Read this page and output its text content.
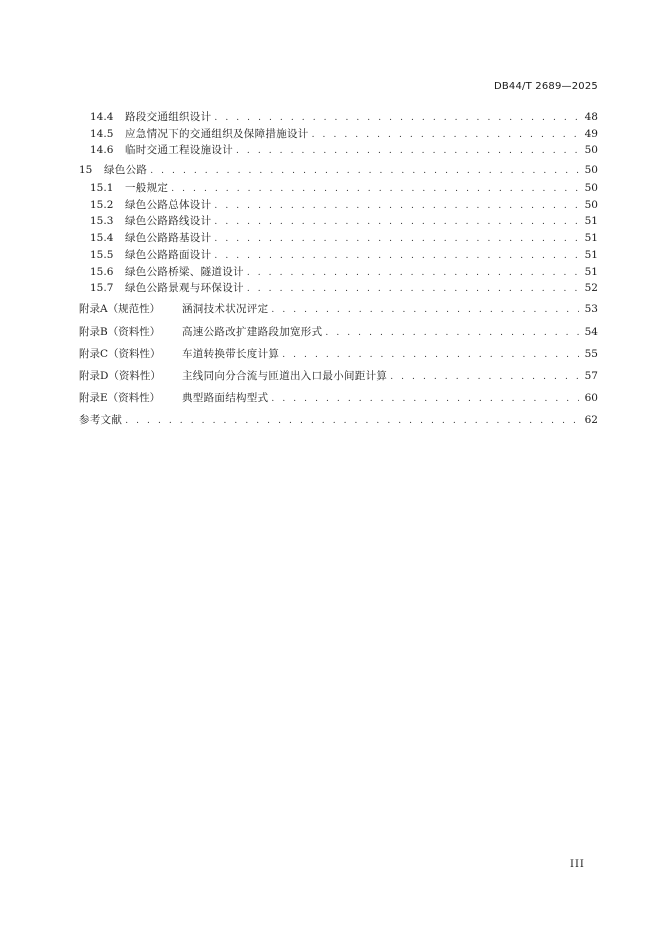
DB44/T 2689—2025
14.4	路段交通组织设计 . . .	48
14.5	应急情况下的交通组织及保障措施设计 . . .	49
14.6	临时交通工程设施设计 . . .	50
15	绿色公路 . . .	50
15.1	一般规定 . . .	50
15.2	绿色公路总体设计 . . .	50
15.3	绿色公路路线设计 . . .	51
15.4	绿色公路路基设计 . . .	51
15.5	绿色公路路面设计 . . .	51
15.6	绿色公路桥梁、隧道设计 . . .	51
15.7	绿色公路景观与环保设计 . . .	52
附录A（规范性）	涵洞技术状况评定 . . .	53
附录B（资料性）	高速公路改扩建路段加宽形式 . . .	54
附录C（资料性）	车道转换带长度计算 . . .	55
附录D（资料性）	主线同向分合流与匝道出入口最小间距计算 . . .	57
附录E（资料性）	典型路面结构型式 . . .	60
参考文献 . . .	62
III
